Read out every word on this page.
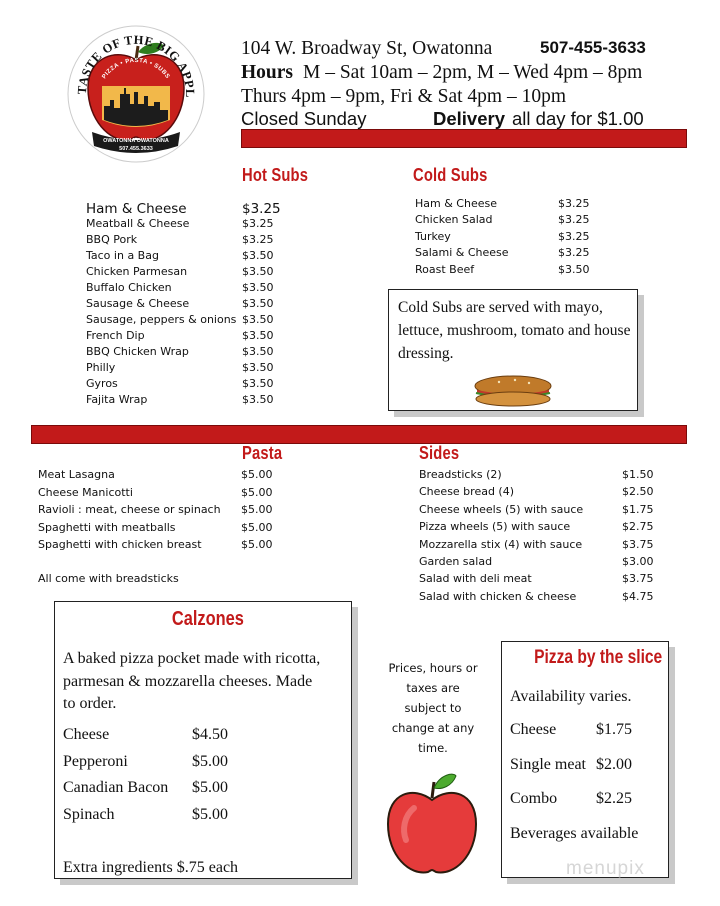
TASTE OF THE BIG APPL
PIZZA • PASTA • SUBS
OWATONNA OWATONNA
507.455.3633
104 W. Broadway St, Owatonna	507-455-3633
Hours M – Sat 10am – 2pm, M – Wed 4pm – 8pm
Thurs 4pm – 9pm, Fri & Sat 4pm – 10pm
Closed Sunday	Delivery all day for $1.00
Hot Subs
Ham & Cheese	$3.25
Meatball & Cheese	$3.25
BBQ Pork	$3.25
Taco in a Bag	$3.50
Chicken Parmesan	$3.50
Buffalo Chicken	$3.50
Sausage & Cheese	$3.50
Sausage, peppers & onions $3.50
French Dip	$3.50
BBQ Chicken Wrap	$3.50
Philly	$3.50
Gyros	$3.50
Fajita Wrap	$3.50
Cold Subs
Ham & Cheese	$3.25
Chicken Salad	$3.25
Turkey	$3.25
Salami & Cheese	$3.25
Roast Beef	$3.50
Cold Subs are served with mayo, lettuce, mushroom, tomato and house dressing.
Pasta
Meat Lasagna	$5.00
Cheese Manicotti	$5.00
Ravioli : meat, cheese or spinach $5.00
Spaghetti with meatballs	$5.00
Spaghetti with chicken breast	$5.00
All come with breadsticks
Sides
Breadsticks (2)	$1.50
Cheese bread (4)	$2.50
Cheese wheels (5) with sauce	$1.75
Pizza wheels (5) with sauce	$2.75
Mozzarella stix (4) with sauce	$3.75
Garden salad	$3.00
Salad with deli meat	$3.75
Salad with chicken & cheese	$4.75
Calzones
A baked pizza pocket made with ricotta,
parmesan & mozzarella cheeses. Made
to order.
Cheese	$4.50
Pepperoni	$5.00
Canadian Bacon $5.00
Spinach	$5.00
Extra ingredients $.75 each
Prices, hours or
taxes are
subject to
change at any
time.
Pizza by the slice
Availability varies.
Cheese $1.75
Single meat $2.00
Combo $2.25
Beverages available
menupix
